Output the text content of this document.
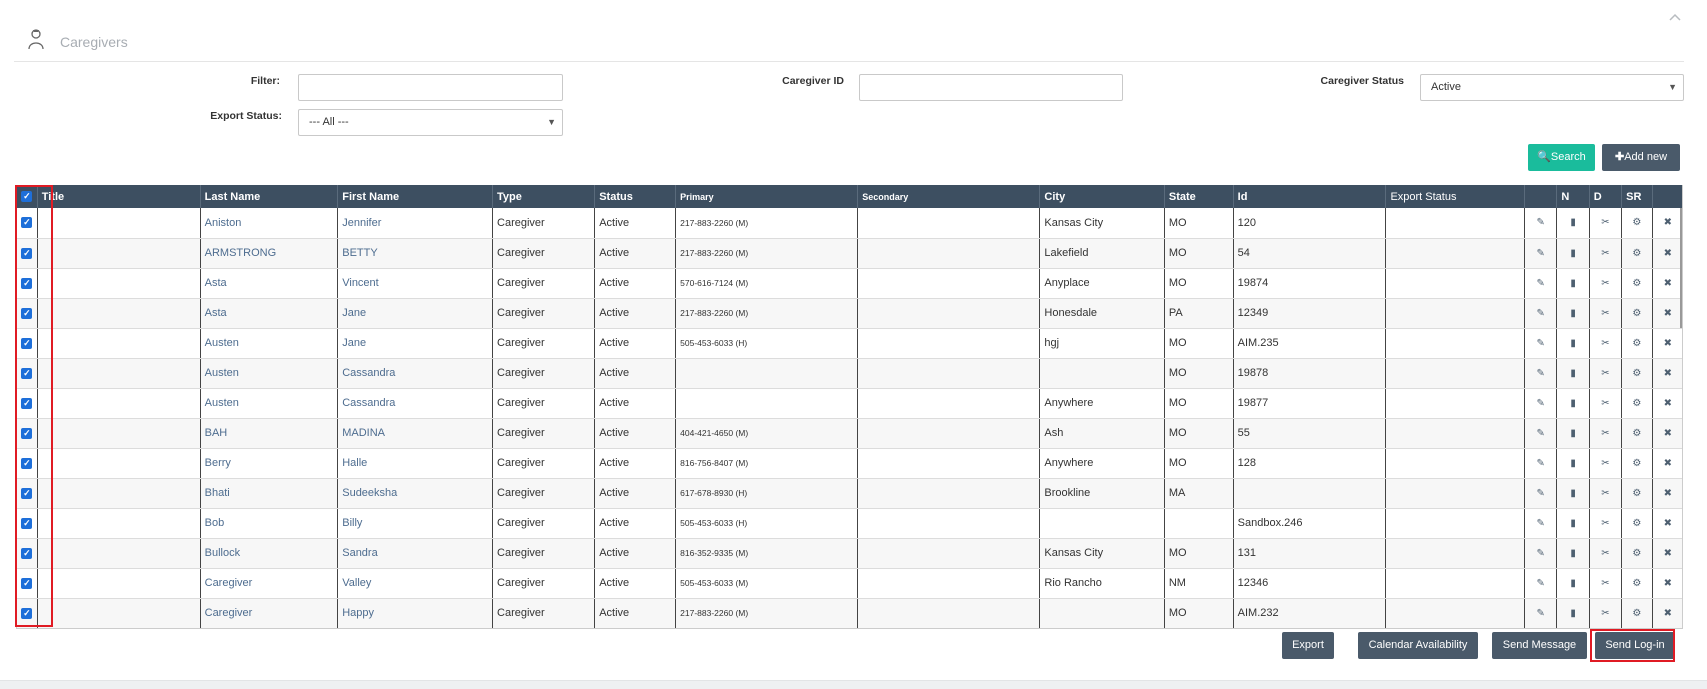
Caregivers
Filter:	Caregiver ID	Caregiver Status	Active	▼
Export Status:	--- All ---	▼
🔍Search	✚Add new
✓	Title	Last Name	First Name	Type	Status	Primary	Secondary	City	State	Id	Export Status		N	D	SR	
✓		Aniston	Jennifer	Caregiver	Active	217-883-2260 (M)		Kansas City	MO	120		✎	▮	✂	⚙	✖
✓		ARMSTRONG	BETTY	Caregiver	Active	217-883-2260 (M)		Lakefield	MO	54		✎	▮	✂	⚙	✖
✓		Asta	Vincent	Caregiver	Active	570-616-7124 (M)		Anyplace	MO	19874		✎	▮	✂	⚙	✖
✓		Asta	Jane	Caregiver	Active	217-883-2260 (M)		Honesdale	PA	12349		✎	▮	✂	⚙	✖
✓		Austen	Jane	Caregiver	Active	505-453-6033 (H)		hgj	MO	AIM.235		✎	▮	✂	⚙	✖
✓		Austen	Cassandra	Caregiver	Active				MO	19878		✎	▮	✂	⚙	✖
✓		Austen	Cassandra	Caregiver	Active			Anywhere	MO	19877		✎	▮	✂	⚙	✖
✓		BAH	MADINA	Caregiver	Active	404-421-4650 (M)		Ash	MO	55		✎	▮	✂	⚙	✖
✓		Berry	Halle	Caregiver	Active	816-756-8407 (M)		Anywhere	MO	128		✎	▮	✂	⚙	✖
✓		Bhati	Sudeeksha	Caregiver	Active	617-678-8930 (H)		Brookline	MA			✎	▮	✂	⚙	✖
✓		Bob	Billy	Caregiver	Active	505-453-6033 (H)				Sandbox.246		✎	▮	✂	⚙	✖
✓		Bullock	Sandra	Caregiver	Active	816-352-9335 (M)		Kansas City	MO	131		✎	▮	✂	⚙	✖
✓		Caregiver	Valley	Caregiver	Active	505-453-6033 (M)		Rio Rancho	NM	12346		✎	▮	✂	⚙	✖
✓		Caregiver	Happy	Caregiver	Active	217-883-2260 (M)			MO	AIM.232		✎	▮	✂	⚙	✖

Export	Calendar Availability	Send Message	Send Log-in
